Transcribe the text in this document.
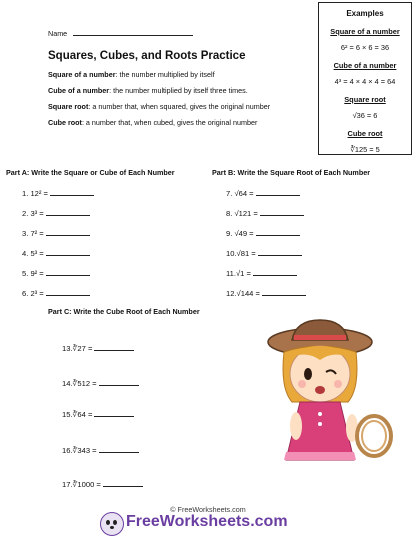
Name
Squares, Cubes, and Roots Practice
Square of a number: the number multiplied by itself
Cube of a number: the number multiplied by itself three times.
Square root: a number that, when squared, gives the original number
Cube root: a number that, when cubed, gives the original number
Examples
Square of a number
6² = 6 × 6 = 36
Cube of a number
4³ = 4 × 4 × 4 = 64
Square root
√36 = 6
Cube root
∛125 = 5
Part A: Write the Square or Cube of Each Number
1. 12² =
2. 3³ =
3. 7² =
4. 5³ =
5. 9² =
6. 2³ =
Part B: Write the Square Root of Each Number
7. √64 =
8. √121 =
9. √49 =
10.√81 =
11.√1 =
12.√144 =
Part C: Write the Cube Root of Each Number
13.∛27 =
14.∛512 =
15.∛64 =
16.∛343 =
17.∛1000 =
© FreeWorksheets.com
FreeWorksheets.com
